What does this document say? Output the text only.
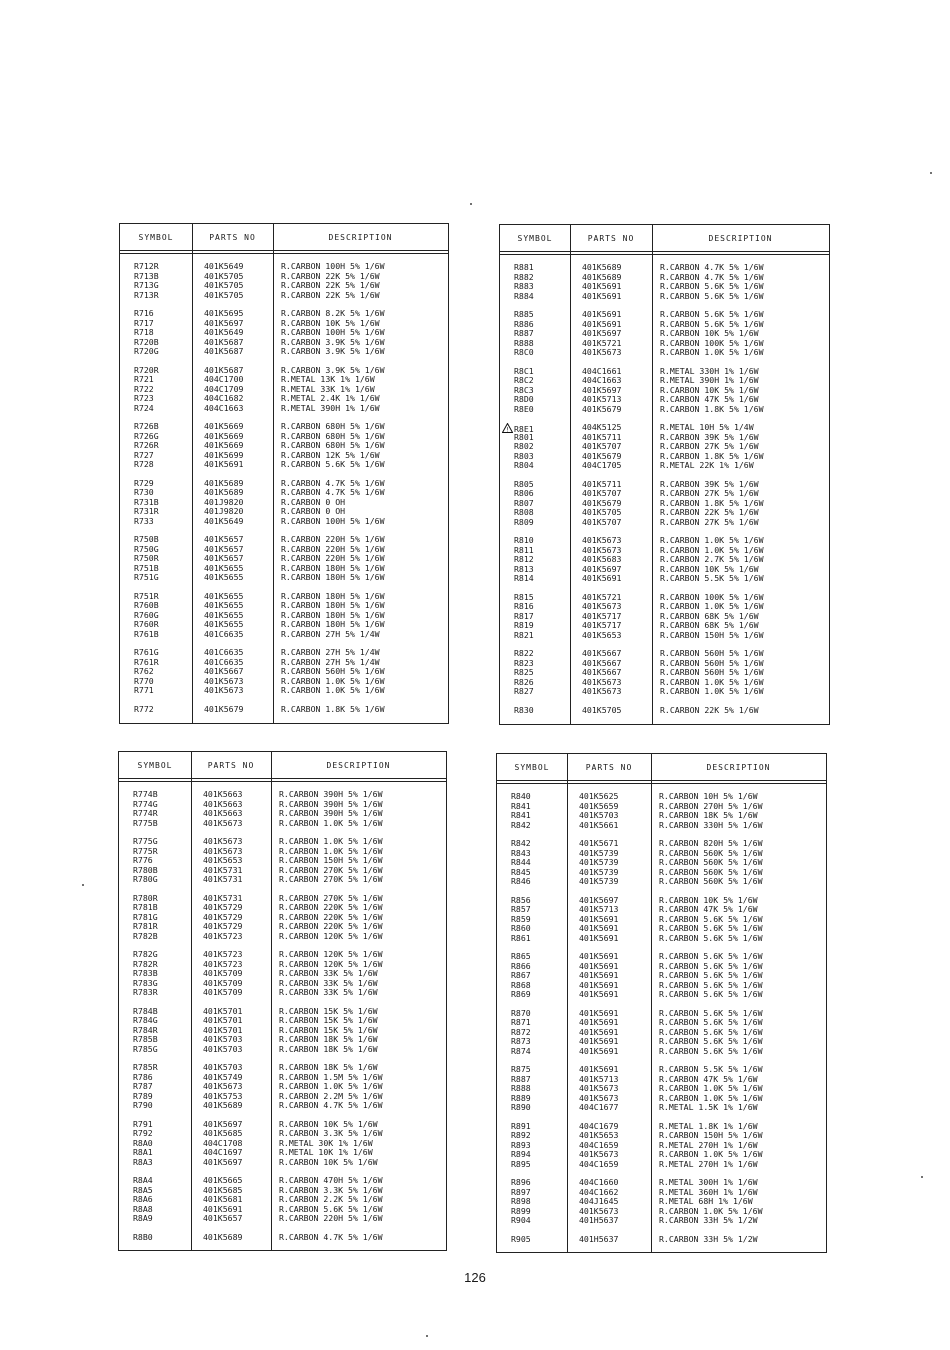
SYMBOL	PARTS NO	DESCRIPTION
R712R	401K5649	R.CARBON 100H 5% 1/6W
R713B	401K5705	R.CARBON 22K 5% 1/6W
R713G	401K5705	R.CARBON 22K 5% 1/6W
R713R	401K5705	R.CARBON 22K 5% 1/6W
R716	401K5695	R.CARBON 8.2K 5% 1/6W
R717	401K5697	R.CARBON 10K 5% 1/6W
R718	401K5649	R.CARBON 100H 5% 1/6W
R720B	401K5687	R.CARBON 3.9K 5% 1/6W
R720G	401K5687	R.CARBON 3.9K 5% 1/6W
R720R	401K5687	R.CARBON 3.9K 5% 1/6W
R721	404C1700	R.METAL 13K 1% 1/6W
R722	404C1709	R.METAL 33K 1% 1/6W
R723	404C1682	R.METAL 2.4K 1% 1/6W
R724	404C1663	R.METAL 390H 1% 1/6W
R726B	401K5669	R.CARBON 680H 5% 1/6W
R726G	401K5669	R.CARBON 680H 5% 1/6W
R726R	401K5669	R.CARBON 680H 5% 1/6W
R727	401K5699	R.CARBON 12K 5% 1/6W
R728	401K5691	R.CARBON 5.6K 5% 1/6W
R729	401K5689	R.CARBON 4.7K 5% 1/6W
R730	401K5689	R.CARBON 4.7K 5% 1/6W
R731B	401J9820	R.CARBON 0 OH
R731R	401J9820	R.CARBON 0 OH
R733	401K5649	R.CARBON 100H 5% 1/6W
R750B	401K5657	R.CARBON 220H 5% 1/6W
R750G	401K5657	R.CARBON 220H 5% 1/6W
R750R	401K5657	R.CARBON 220H 5% 1/6W
R751B	401K5655	R.CARBON 180H 5% 1/6W
R751G	401K5655	R.CARBON 180H 5% 1/6W
R751R	401K5655	R.CARBON 180H 5% 1/6W
R760B	401K5655	R.CARBON 180H 5% 1/6W
R760G	401K5655	R.CARBON 180H 5% 1/6W
R760R	401K5655	R.CARBON 180H 5% 1/6W
R761B	401C6635	R.CARBON 27H 5% 1/4W
R761G	401C6635	R.CARBON 27H 5% 1/4W
R761R	401C6635	R.CARBON 27H 5% 1/4W
R762	401K5667	R.CARBON 560H 5% 1/6W
R770	401K5673	R.CARBON 1.0K 5% 1/6W
R771	401K5673	R.CARBON 1.0K 5% 1/6W
R772	401K5679	R.CARBON 1.8K 5% 1/6W
SYMBOL	PARTS NO	DESCRIPTION
R881	401K5689	R.CARBON 4.7K 5% 1/6W
R882	401K5689	R.CARBON 4.7K 5% 1/6W
R883	401K5691	R.CARBON 5.6K 5% 1/6W
R884	401K5691	R.CARBON 5.6K 5% 1/6W
R885	401K5691	R.CARBON 5.6K 5% 1/6W
R886	401K5691	R.CARBON 5.6K 5% 1/6W
R887	401K5697	R.CARBON 10K 5% 1/6W
R888	401K5721	R.CARBON 100K 5% 1/6W
R8C0	401K5673	R.CARBON 1.0K 5% 1/6W
R8C1	404C1661	R.METAL 330H 1% 1/6W
R8C2	404C1663	R.METAL 390H 1% 1/6W
R8C3	401K5697	R.CARBON 10K 5% 1/6W
R8D0	401K5713	R.CARBON 47K 5% 1/6W
R8E0	401K5679	R.CARBON 1.8K 5% 1/6W
! R8E1	404K5125	R.METAL 10H 5% 1/4W
R801	401K5711	R.CARBON 39K 5% 1/6W
R802	401K5707	R.CARBON 27K 5% 1/6W
R803	401K5679	R.CARBON 1.8K 5% 1/6W
R804	404C1705	R.METAL 22K 1% 1/6W
R805	401K5711	R.CARBON 39K 5% 1/6W
R806	401K5707	R.CARBON 27K 5% 1/6W
R807	401K5679	R.CARBON 1.8K 5% 1/6W
R808	401K5705	R.CARBON 22K 5% 1/6W
R809	401K5707	R.CARBON 27K 5% 1/6W
R810	401K5673	R.CARBON 1.0K 5% 1/6W
R811	401K5673	R.CARBON 1.0K 5% 1/6W
R812	401K5683	R.CARBON 2.7K 5% 1/6W
R813	401K5697	R.CARBON 10K 5% 1/6W
R814	401K5691	R.CARBON 5.5K 5% 1/6W
R815	401K5721	R.CARBON 100K 5% 1/6W
R816	401K5673	R.CARBON 1.0K 5% 1/6W
R817	401K5717	R.CARBON 68K 5% 1/6W
R819	401K5717	R.CARBON 68K 5% 1/6W
R821	401K5653	R.CARBON 150H 5% 1/6W
R822	401K5667	R.CARBON 560H 5% 1/6W
R823	401K5667	R.CARBON 560H 5% 1/6W
R825	401K5667	R.CARBON 560H 5% 1/6W
R826	401K5673	R.CARBON 1.0K 5% 1/6W
R827	401K5673	R.CARBON 1.0K 5% 1/6W
R830	401K5705	R.CARBON 22K 5% 1/6W
SYMBOL	PARTS NO	DESCRIPTION
R774B	401K5663	R.CARBON 390H 5% 1/6W
R774G	401K5663	R.CARBON 390H 5% 1/6W
R774R	401K5663	R.CARBON 390H 5% 1/6W
R775B	401K5673	R.CARBON 1.0K 5% 1/6W
R775G	401K5673	R.CARBON 1.0K 5% 1/6W
R775R	401K5673	R.CARBON 1.0K 5% 1/6W
R776	401K5653	R.CARBON 150H 5% 1/6W
R780B	401K5731	R.CARBON 270K 5% 1/6W
R780G	401K5731	R.CARBON 270K 5% 1/6W
R780R	401K5731	R.CARBON 270K 5% 1/6W
R781B	401K5729	R.CARBON 220K 5% 1/6W
R781G	401K5729	R.CARBON 220K 5% 1/6W
R781R	401K5729	R.CARBON 220K 5% 1/6W
R782B	401K5723	R.CARBON 120K 5% 1/6W
R782G	401K5723	R.CARBON 120K 5% 1/6W
R782R	401K5723	R.CARBON 120K 5% 1/6W
R783B	401K5709	R.CARBON 33K 5% 1/6W
R783G	401K5709	R.CARBON 33K 5% 1/6W
R783R	401K5709	R.CARBON 33K 5% 1/6W
R784B	401K5701	R.CARBON 15K 5% 1/6W
R784G	401K5701	R.CARBON 15K 5% 1/6W
R784R	401K5701	R.CARBON 15K 5% 1/6W
R785B	401K5703	R.CARBON 18K 5% 1/6W
R785G	401K5703	R.CARBON 18K 5% 1/6W
R785R	401K5703	R.CARBON 18K 5% 1/6W
R786	401K5749	R.CARBON 1.5M 5% 1/6W
R787	401K5673	R.CARBON 1.0K 5% 1/6W
R789	401K5753	R.CARBON 2.2M 5% 1/6W
R790	401K5689	R.CARBON 4.7K 5% 1/6W
R791	401K5697	R.CARBON 10K 5% 1/6W
R792	401K5685	R.CARBON 3.3K 5% 1/6W
R8A0	404C1708	R.METAL 30K 1% 1/6W
R8A1	404C1697	R.METAL 10K 1% 1/6W
R8A3	401K5697	R.CARBON 10K 5% 1/6W
R8A4	401K5665	R.CARBON 470H 5% 1/6W
R8A5	401K5685	R.CARBON 3.3K 5% 1/6W
R8A6	401K5681	R.CARBON 2.2K 5% 1/6W
R8A8	401K5691	R.CARBON 5.6K 5% 1/6W
R8A9	401K5657	R.CARBON 220H 5% 1/6W
R8B0	401K5689	R.CARBON 4.7K 5% 1/6W
SYMBOL	PARTS NO	DESCRIPTION
R840	401K5625	R.CARBON 10H 5% 1/6W
R841	401K5659	R.CARBON 270H 5% 1/6W
R841	401K5703	R.CARBON 18K 5% 1/6W
R842	401K5661	R.CARBON 330H 5% 1/6W
R842	401K5671	R.CARBON 820H 5% 1/6W
R843	401K5739	R.CARBON 560K 5% 1/6W
R844	401K5739	R.CARBON 560K 5% 1/6W
R845	401K5739	R.CARBON 560K 5% 1/6W
R846	401K5739	R.CARBON 560K 5% 1/6W
R856	401K5697	R.CARBON 10K 5% 1/6W
R857	401K5713	R.CARBON 47K 5% 1/6W
R859	401K5691	R.CARBON 5.6K 5% 1/6W
R860	401K5691	R.CARBON 5.6K 5% 1/6W
R861	401K5691	R.CARBON 5.6K 5% 1/6W
R865	401K5691	R.CARBON 5.6K 5% 1/6W
R866	401K5691	R.CARBON 5.6K 5% 1/6W
R867	401K5691	R.CARBON 5.6K 5% 1/6W
R868	401K5691	R.CARBON 5.6K 5% 1/6W
R869	401K5691	R.CARBON 5.6K 5% 1/6W
R870	401K5691	R.CARBON 5.6K 5% 1/6W
R871	401K5691	R.CARBON 5.6K 5% 1/6W
R872	401K5691	R.CARBON 5.6K 5% 1/6W
R873	401K5691	R.CARBON 5.6K 5% 1/6W
R874	401K5691	R.CARBON 5.6K 5% 1/6W
R875	401K5691	R.CARBON 5.5K 5% 1/6W
R887	401K5713	R.CARBON 47K 5% 1/6W
R888	401K5673	R.CARBON 1.0K 5% 1/6W
R889	401K5673	R.CARBON 1.0K 5% 1/6W
R890	404C1677	R.METAL 1.5K 1% 1/6W
R891	404C1679	R.METAL 1.8K 1% 1/6W
R892	401K5653	R.CARBON 150H 5% 1/6W
R893	404C1659	R.METAL 270H 1% 1/6W
R894	401K5673	R.CARBON 1.0K 5% 1/6W
R895	404C1659	R.METAL 270H 1% 1/6W
R896	404C1660	R.METAL 300H 1% 1/6W
R897	404C1662	R.METAL 360H 1% 1/6W
R898	404J1645	R.METAL 68H 1% 1/6W
R899	401K5673	R.CARBON 1.0K 5% 1/6W
R904	401H5637	R.CARBON 33H 5% 1/2W
R905	401H5637	R.CARBON 33H 5% 1/2W
126
